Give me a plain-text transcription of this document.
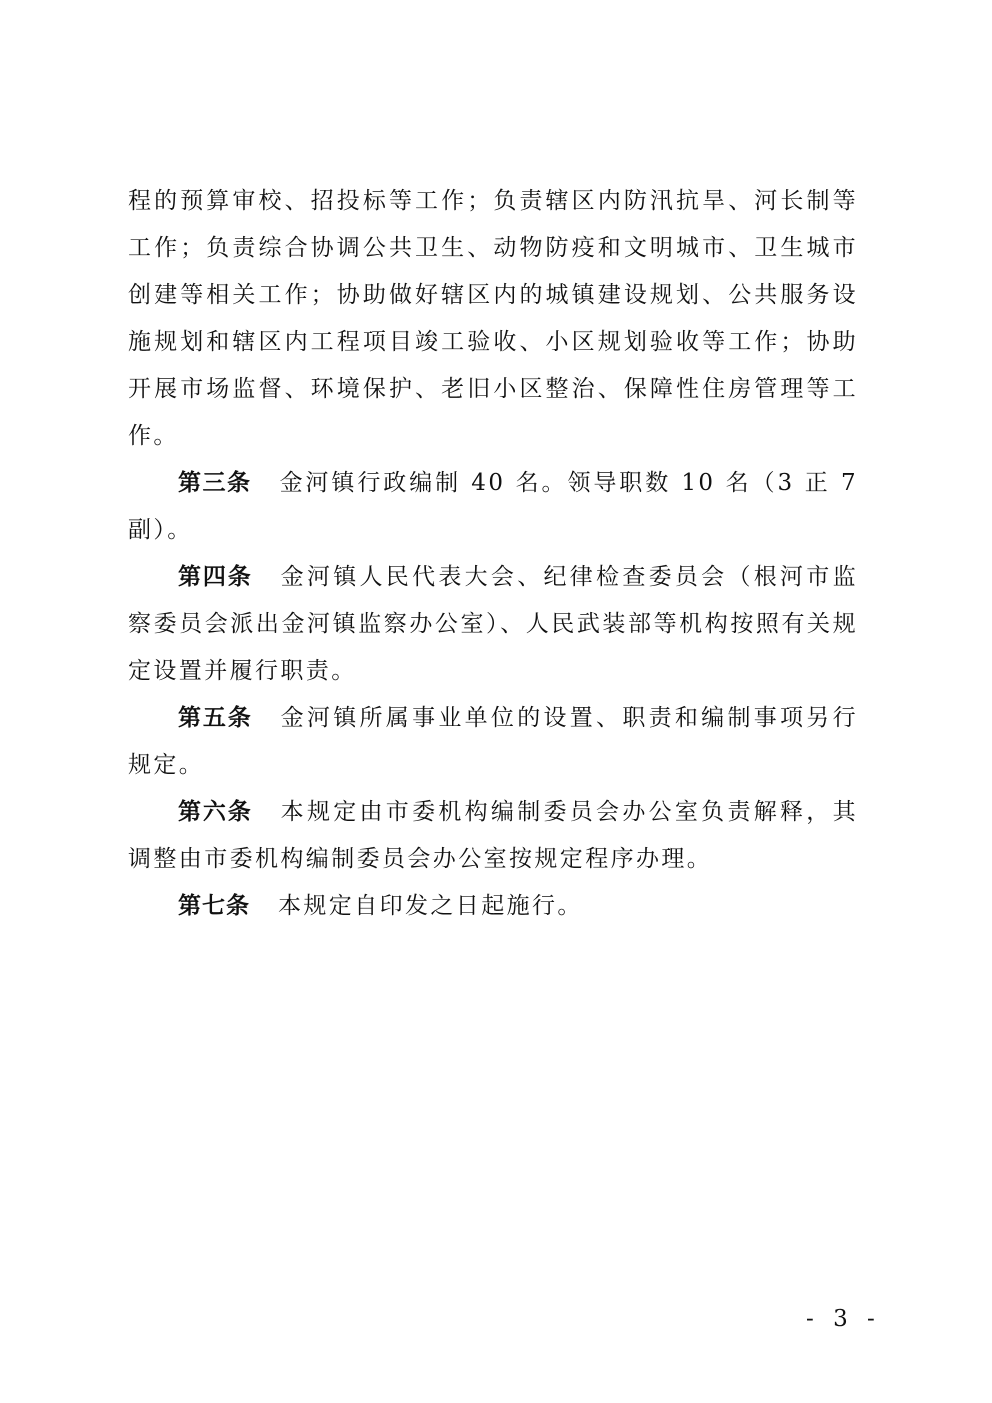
程的预算审校、招投标等工作；负责辖区内防汛抗旱、河长制等工作；负责综合协调公共卫生、动物防疫和文明城市、卫生城市创建等相关工作；协助做好辖区内的城镇建设规划、公共服务设施规划和辖区内工程项目竣工验收、小区规划验收等工作；协助开展市场监督、环境保护、老旧小区整治、保障性住房管理等工作。

第三条 金河镇行政编制 40 名。领导职数 10 名（3 正 7 副）。

第四条 金河镇人民代表大会、纪律检查委员会（根河市监察委员会派出金河镇监察办公室）、人民武装部等机构按照有关规定设置并履行职责。

第五条 金河镇所属事业单位的设置、职责和编制事项另行规定。

第六条 本规定由市委机构编制委员会办公室负责解释，其调整由市委机构编制委员会办公室按规定程序办理。

第七条 本规定自印发之日起施行。

- 3 -
